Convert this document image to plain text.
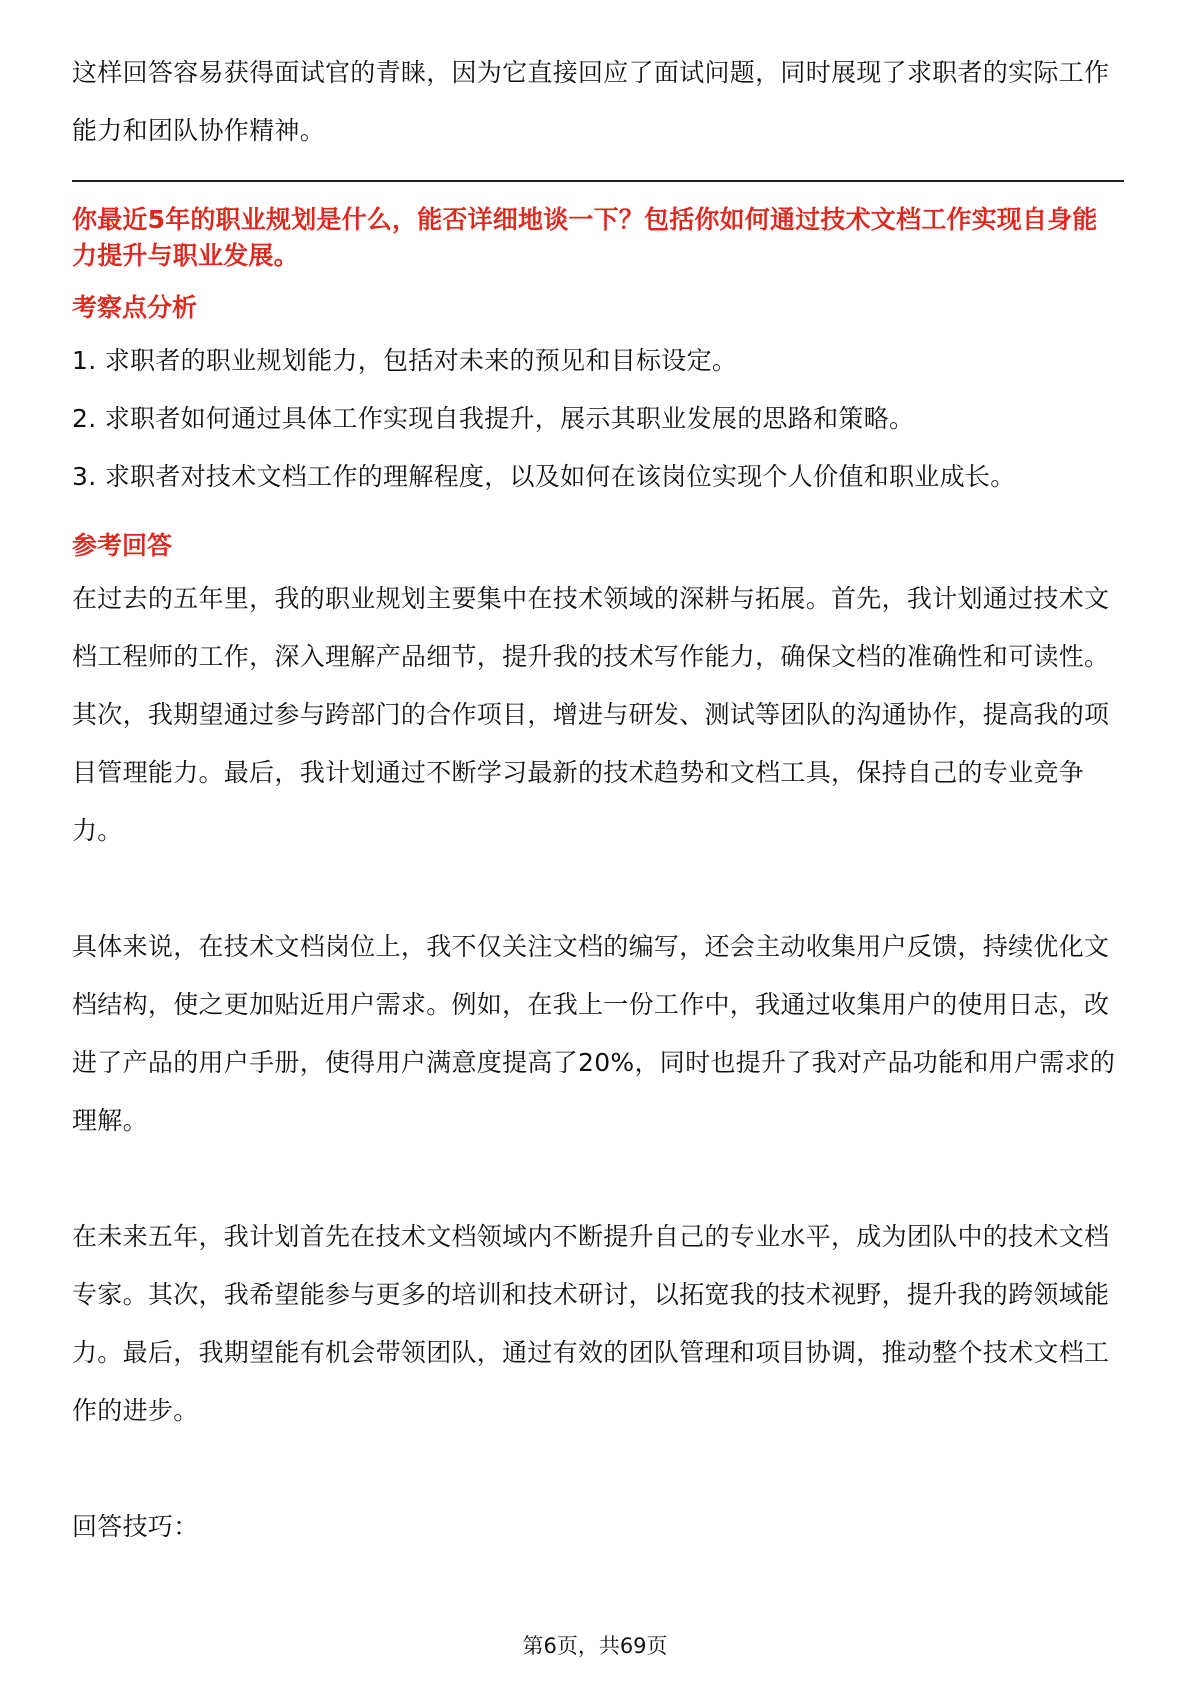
这样回答容易获得面试官的青睐，因为它直接回应了面试问题，同时展现了求职者的实际工作能力和团队协作精神。

你最近5年的职业规划是什么，能否详细地谈一下？包括你如何通过技术文档工作实现自身能力提升与职业发展。

考察点分析

1. 求职者的职业规划能力，包括对未来的预见和目标设定。

2. 求职者如何通过具体工作实现自我提升，展示其职业发展的思路和策略。

3. 求职者对技术文档工作的理解程度，以及如何在该岗位实现个人价值和职业成长。

参考回答

在过去的五年里，我的职业规划主要集中在技术领域的深耕与拓展。首先，我计划通过技术文档工程师的工作，深入理解产品细节，提升我的技术写作能力，确保文档的准确性和可读性。其次，我期望通过参与跨部门的合作项目，增进与研发、测试等团队的沟通协作，提高我的项目管理能力。最后，我计划通过不断学习最新的技术趋势和文档工具，保持自己的专业竞争力。

具体来说，在技术文档岗位上，我不仅关注文档的编写，还会主动收集用户反馈，持续优化文档结构，使之更加贴近用户需求。例如，在我上一份工作中，我通过收集用户的使用日志，改进了产品的用户手册，使得用户满意度提高了20%，同时也提升了我对产品功能和用户需求的理解。

在未来五年，我计划首先在技术文档领域内不断提升自己的专业水平，成为团队中的技术文档专家。其次，我希望能参与更多的培训和技术研讨，以拓宽我的技术视野，提升我的跨领域能力。最后，我期望能有机会带领团队，通过有效的团队管理和项目协调，推动整个技术文档工作的进步。

回答技巧：

第6页，共69页
